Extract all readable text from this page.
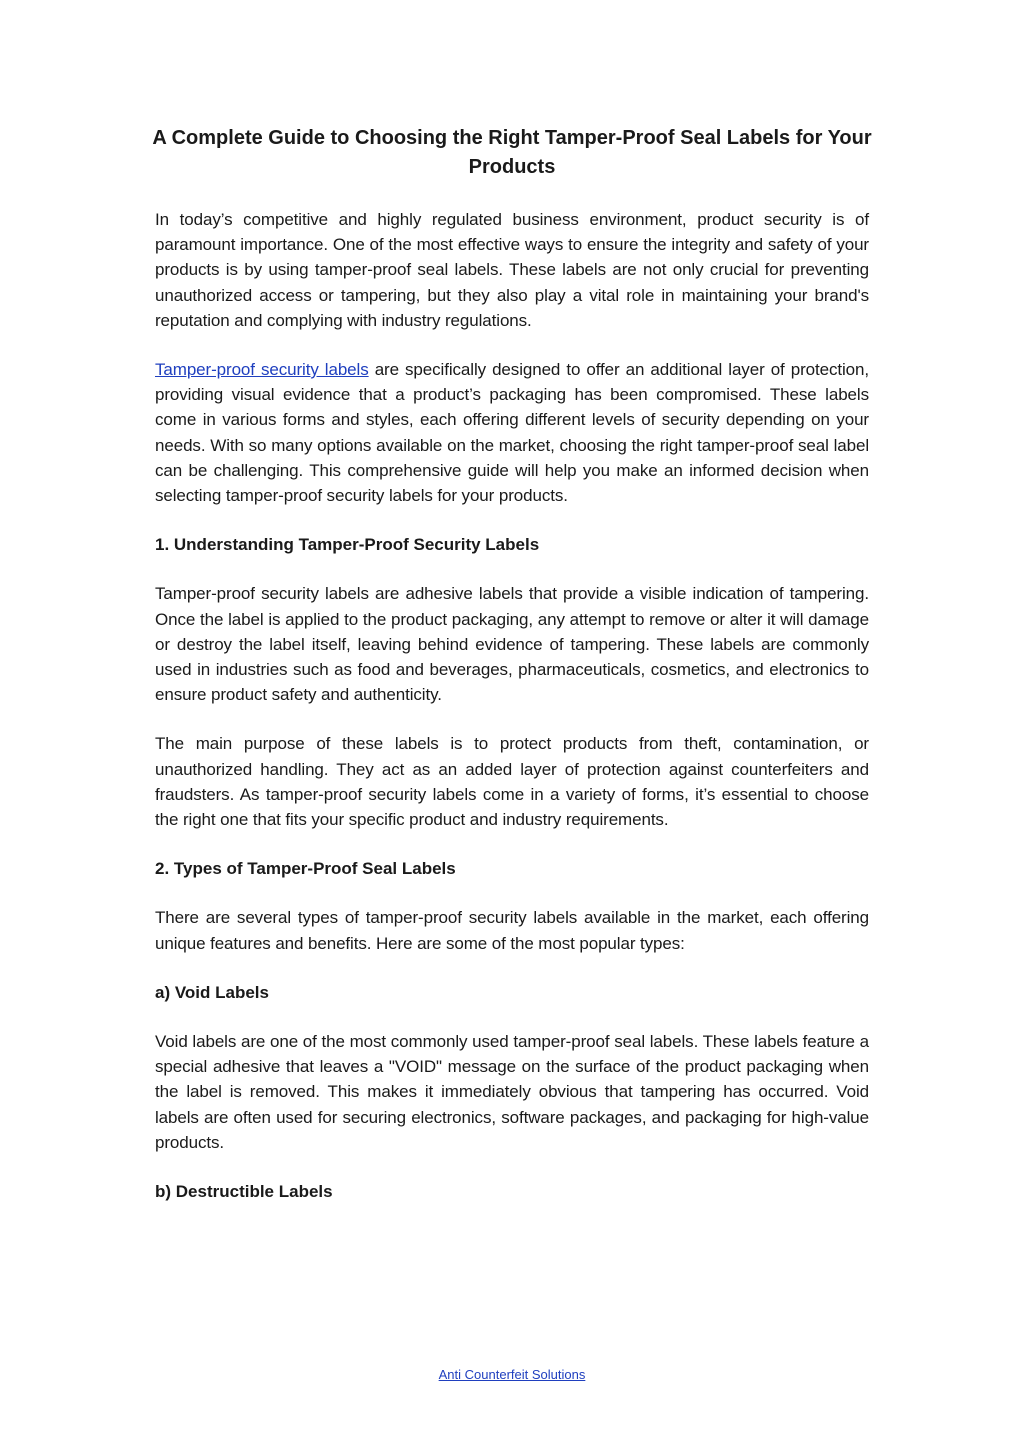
A Complete Guide to Choosing the Right Tamper-Proof Seal Labels for Your Products

In today’s competitive and highly regulated business environment, product security is of paramount importance. One of the most effective ways to ensure the integrity and safety of your products is by using tamper-proof seal labels. These labels are not only crucial for preventing unauthorized access or tampering, but they also play a vital role in maintaining your brand's reputation and complying with industry regulations.

Tamper-proof security labels are specifically designed to offer an additional layer of protection, providing visual evidence that a product’s packaging has been compromised. These labels come in various forms and styles, each offering different levels of security depending on your needs. With so many options available on the market, choosing the right tamper-proof seal label can be challenging. This comprehensive guide will help you make an informed decision when selecting tamper-proof security labels for your products.

1. Understanding Tamper-Proof Security Labels

Tamper-proof security labels are adhesive labels that provide a visible indication of tampering. Once the label is applied to the product packaging, any attempt to remove or alter it will damage or destroy the label itself, leaving behind evidence of tampering. These labels are commonly used in industries such as food and beverages, pharmaceuticals, cosmetics, and electronics to ensure product safety and authenticity.

The main purpose of these labels is to protect products from theft, contamination, or unauthorized handling. They act as an added layer of protection against counterfeiters and fraudsters. As tamper-proof security labels come in a variety of forms, it’s essential to choose the right one that fits your specific product and industry requirements.

2. Types of Tamper-Proof Seal Labels

There are several types of tamper-proof security labels available in the market, each offering unique features and benefits. Here are some of the most popular types:

a) Void Labels

Void labels are one of the most commonly used tamper-proof seal labels. These labels feature a special adhesive that leaves a "VOID" message on the surface of the product packaging when the label is removed. This makes it immediately obvious that tampering has occurred. Void labels are often used for securing electronics, software packages, and packaging for high-value products.

b) Destructible Labels

Anti Counterfeit Solutions
